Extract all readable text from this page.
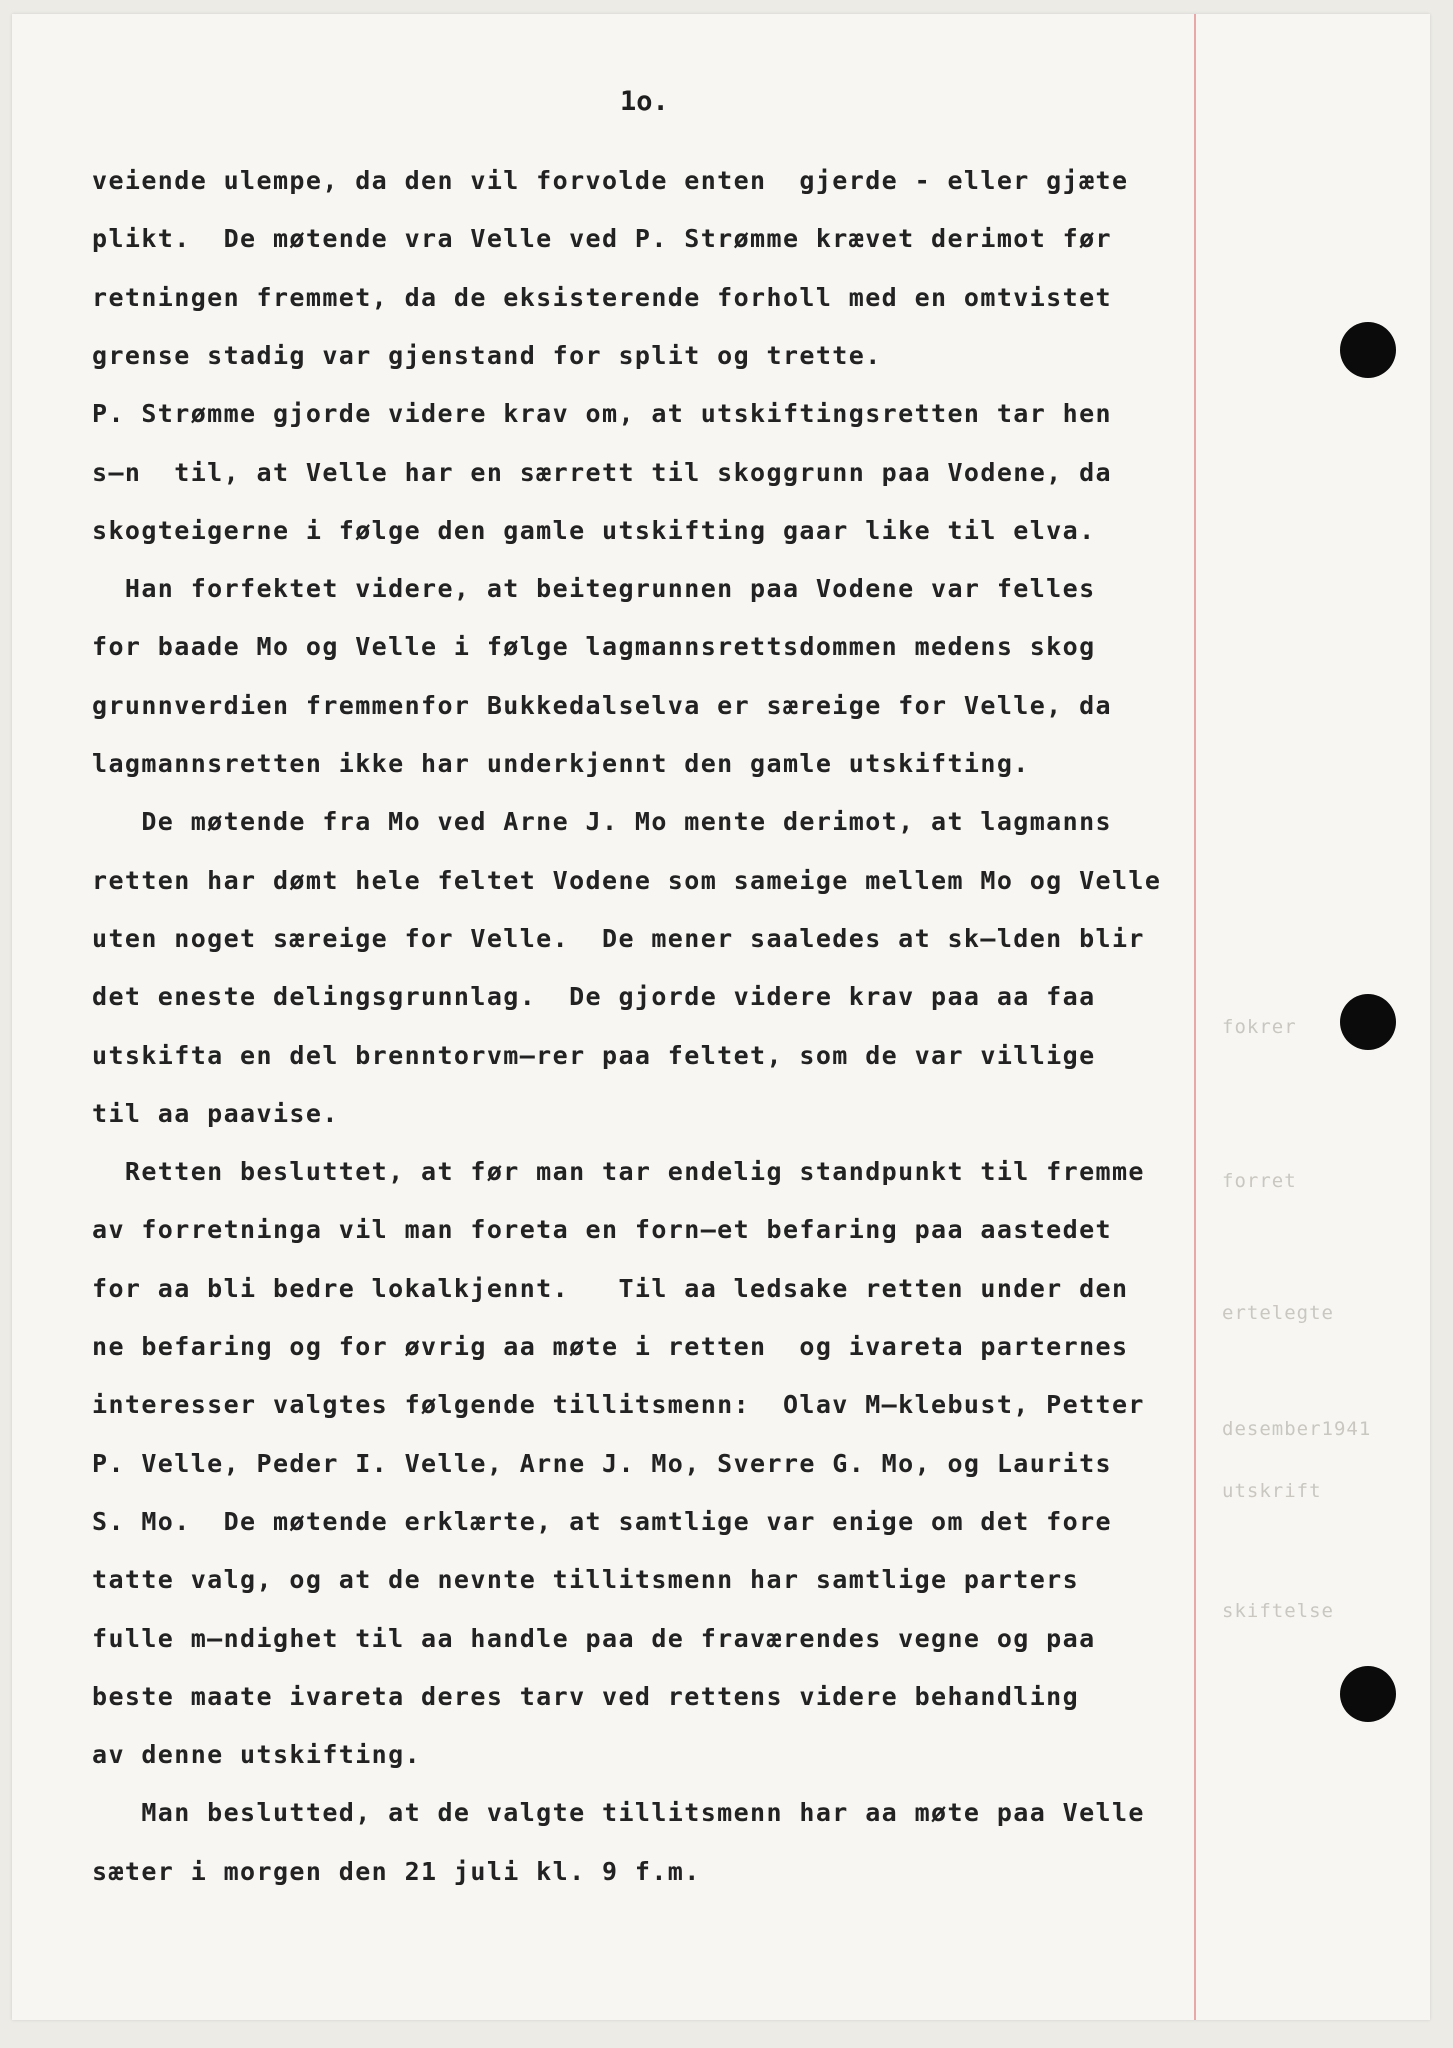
1o.

veiende ulempe, da den vil forvolde enten  gjerde - eller gjæte

plikt.  De møtende vra Velle ved P. Strømme krævet derimot før

retningen fremmet, da de eksisterende forholl med en omtvistet

grense stadig var gjenstand for split og trette.

P. Strømme gjorde videre krav om, at utskiftingsretten tar hen

s–n  til, at Velle har en særrett til skoggrunn paa Vodene, da

skogteigerne i følge den gamle utskifting gaar like til elva.

Han forfektet videre, at beitegrunnen paa Vodene var felles

for baade Mo og Velle i følge lagmannsrettsdommen medens skog

grunnverdien fremmenfor Bukkedalselva er særeige for Velle, da

lagmannsretten ikke har underkjennt den gamle utskifting.

De møtende fra Mo ved Arne J. Mo mente derimot, at lagmanns

retten har dømt hele feltet Vodene som sameige mellem Mo og Velle

uten noget særeige for Velle.  De mener saaledes at sk–lden blir

det eneste delingsgrunnlag.  De gjorde videre krav paa aa faa

utskifta en del brenntorvm–rer paa feltet, som de var villige

til aa paavise.

Retten besluttet, at før man tar endelig standpunkt til fremme

av forretninga vil man foreta en forn–et befaring paa aastedet

for aa bli bedre lokalkjennt.   Til aa ledsake retten under den

ne befaring og for øvrig aa møte i retten  og ivareta parternes

interesser valgtes følgende tillitsmenn:  Olav M–klebust, Petter

P. Velle, Peder I. Velle, Arne J. Mo, Sverre G. Mo, og Laurits

S. Mo.  De møtende erklærte, at samtlige var enige om det fore

tatte valg, og at de nevnte tillitsmenn har samtlige parters

fulle m–ndighet til aa handle paa de fraværendes vegne og paa

beste maate ivareta deres tarv ved rettens videre behandling

av denne utskifting.

Man beslutted, at de valgte tillitsmenn har aa møte paa Velle

sæter i morgen den 21 juli kl. 9 f.m.

fokrer

forret

ertelegte

desember1941

utskrift

skiftelse
